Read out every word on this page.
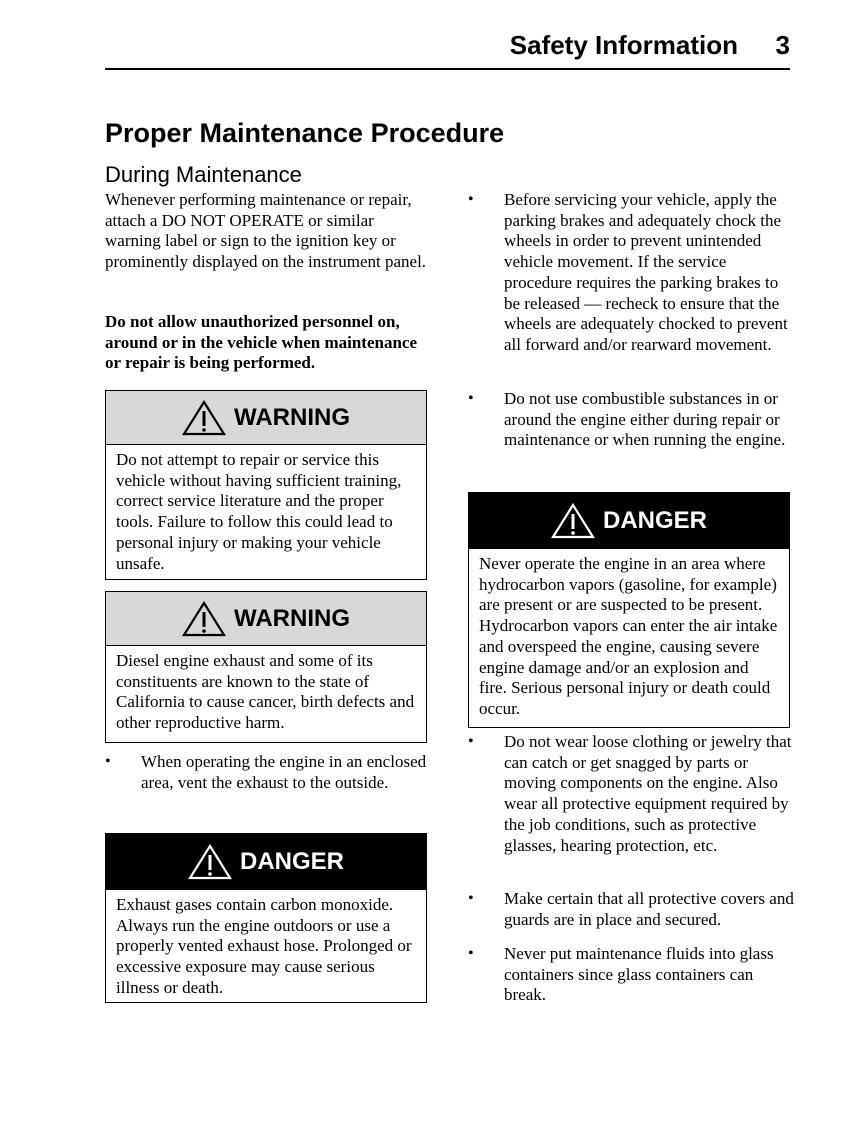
Safety Information 3
Proper Maintenance Procedure
During Maintenance

Whenever performing maintenance or repair, attach a DO NOT OPERATE or similar warning label or sign to the ignition key or prominently displayed on the instrument panel.

Do not allow unauthorized personnel on, around or in the vehicle when maintenance or repair is being performed.

WARNING

Do not attempt to repair or service this vehicle without having sufficient training, correct service literature and the proper tools. Failure to follow this could lead to personal injury or making your vehicle unsafe.

WARNING

Diesel engine exhaust and some of its constituents are known to the state of California to cause cancer, birth defects and other reproductive harm.

• When operating the engine in an enclosed area, vent the exhaust to the outside.
DANGER

Exhaust gases contain carbon monoxide. Always run the engine outdoors or use a properly vented exhaust hose. Prolonged or excessive exposure may cause serious illness or death.

• Before servicing your vehicle, apply the parking brakes and adequately chock the wheels in order to prevent unintended vehicle movement. If the service procedure requires the parking brakes to be released — recheck to ensure that the wheels are adequately chocked to prevent all forward and/or rearward movement.
• Do not use combustible substances in or around the engine either during repair or maintenance or when running the engine.
DANGER

Never operate the engine in an area where hydrocarbon vapors (gasoline, for example) are present or are suspected to be present. Hydrocarbon vapors can enter the air intake and overspeed the engine, causing severe engine damage and/or an explosion and fire. Serious personal injury or death could occur.

• Do not wear loose clothing or jewelry that can catch or get snagged by parts or moving components on the engine. Also wear all protective equipment required by the job conditions, such as protective glasses, hearing protection, etc.
• Make certain that all protective covers and guards are in place and secured.
• Never put maintenance fluids into glass containers since glass containers can break.
